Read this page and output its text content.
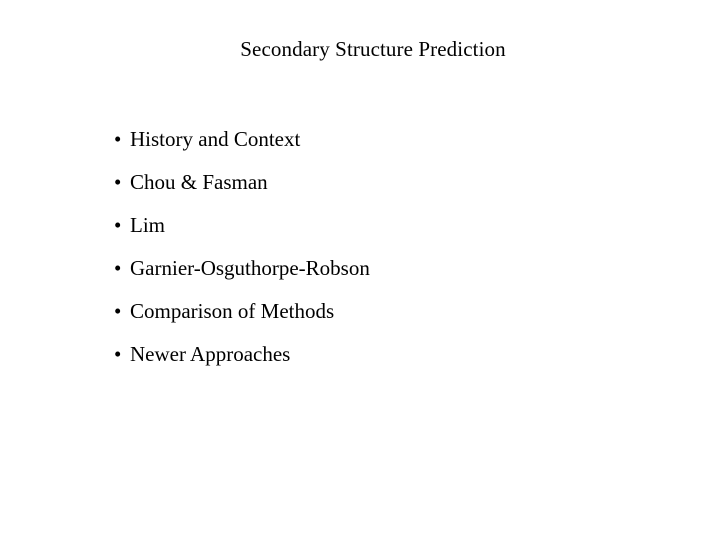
Secondary Structure Prediction
• History and Context
• Chou & Fasman
• Lim
• Garnier-Osguthorpe-Robson
• Comparison of Methods
• Newer Approaches
